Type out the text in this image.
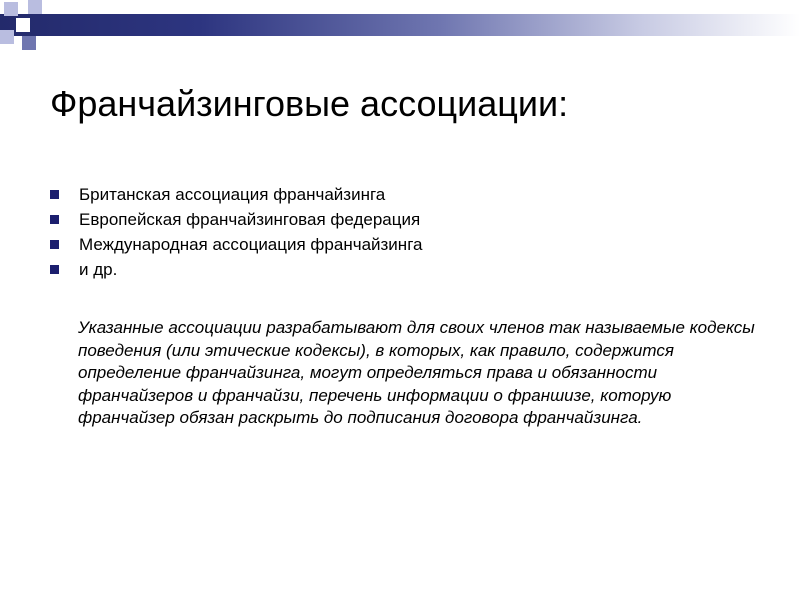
Франчайзинговые ассоциации:
Британская ассоциация франчайзинга
Европейская франчайзинговая федерация
Международная ассоциация франчайзинга
и др.

Указанные ассоциации разрабатывают для своих членов так называемые кодексы поведения (или этические кодексы), в которых, как правило, содержится определение франчайзинга, могут определяться права и обязанности франчайзеров и франчайзи, перечень информации о франшизе, которую франчайзер обязан раскрыть до подписания договора франчайзинга.
